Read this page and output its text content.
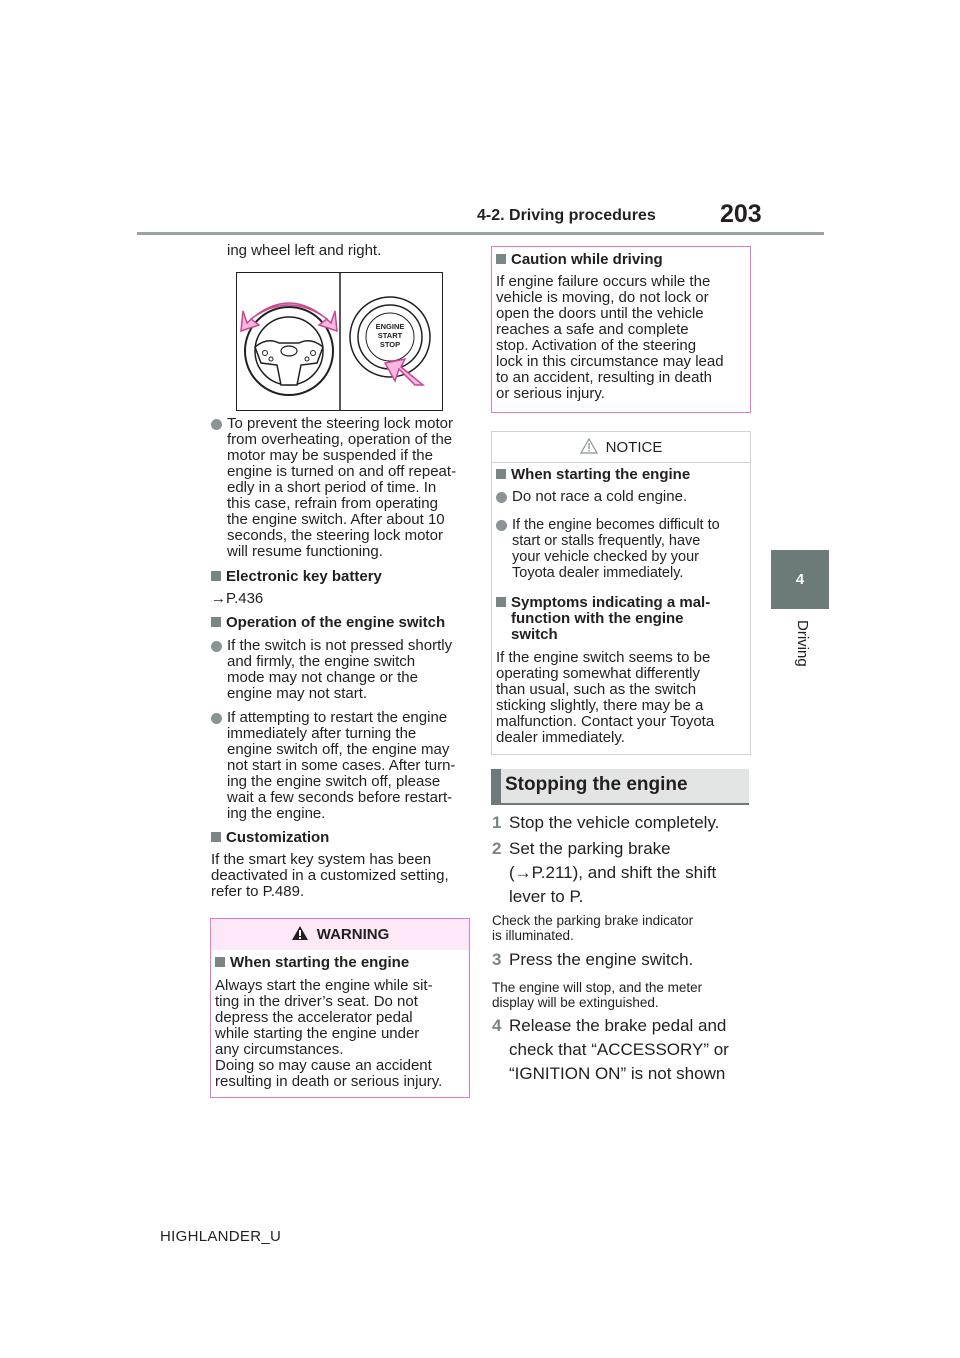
4-2. Driving procedures	203
4
Driving
ing wheel left and right.
ENGINE
START
STOP
To prevent the steering lock motor
from overheating, operation of the
motor may be suspended if the
engine is turned on and off repeat-
edly in a short period of time. In
this case, refrain from operating
the engine switch. After about 10
seconds, the steering lock motor
will resume functioning.
Electronic key battery
→P.436
Operation of the engine switch
If the switch is not pressed shortly
and firmly, the engine switch
mode may not change or the
engine may not start.
If attempting to restart the engine
immediately after turning the
engine switch off, the engine may
not start in some cases. After turn-
ing the engine switch off, please
wait a few seconds before restart-
ing the engine.
Customization
If the smart key system has been
deactivated in a customized setting,
refer to P.489.
WARNING
When starting the engine
Always start the engine while sit-
ting in the driver’s seat. Do not
depress the accelerator pedal
while starting the engine under
any circumstances.
Doing so may cause an accident
resulting in death or serious injury.
Caution while driving
If engine failure occurs while the
vehicle is moving, do not lock or
open the doors until the vehicle
reaches a safe and complete
stop. Activation of the steering
lock in this circumstance may lead
to an accident, resulting in death
or serious injury.
NOTICE
When starting the engine
Do not race a cold engine.
If the engine becomes difficult to
start or stalls frequently, have
your vehicle checked by your
Toyota dealer immediately.
Symptoms indicating a mal-
function with the engine
switch
If the engine switch seems to be
operating somewhat differently
than usual, such as the switch
sticking slightly, there may be a
malfunction. Contact your Toyota
dealer immediately.
Stopping the engine
1 Stop the vehicle completely.
2 Set the parking brake
(→P.211), and shift the shift
lever to P.
Check the parking brake indicator
is illuminated.
3 Press the engine switch.
The engine will stop, and the meter
display will be extinguished.
4 Release the brake pedal and
check that “ACCESSORY” or
“IGNITION ON” is not shown
HIGHLANDER_U
